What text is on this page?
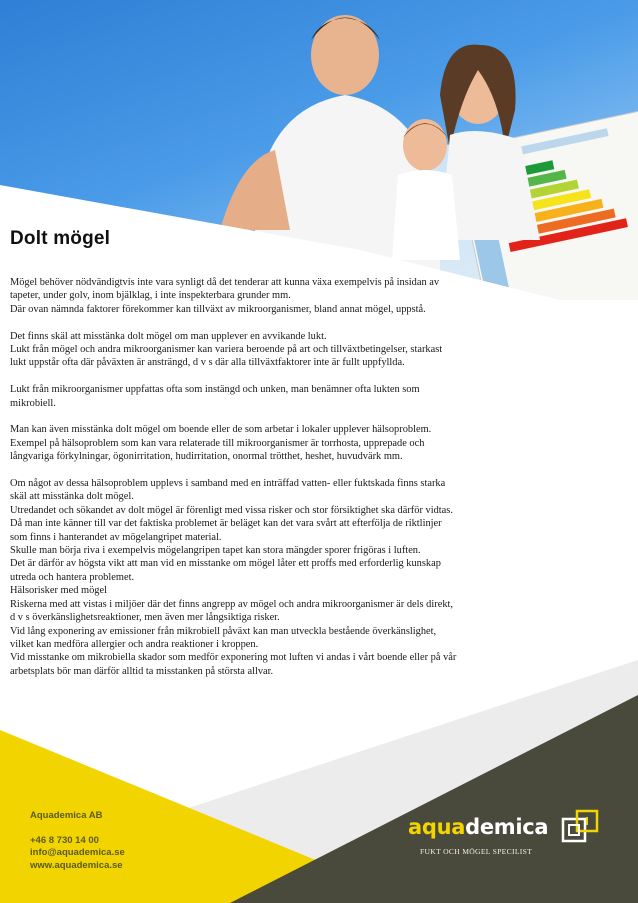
Dolt mögel

Mögel behöver nödvändigtvis inte vara synligt då det tenderar att kunna växa exempelvis på insidan av
tapeter, under golv, inom bjälklag, i inte inspekterbara grunder mm.
Där ovan nämnda faktorer förekommer kan tillväxt av mikroorganismer, bland annat mögel, uppstå.

Det finns skäl att misstänka dolt mögel om man upplever en avvikande lukt.
Lukt från mögel och andra mikroorganismer kan variera beroende på art och tillväxtbetingelser, starkast
lukt uppstår ofta där påväxten är ansträngd, d v s där alla tillväxtfaktorer inte är fullt uppfyllda.

Lukt från mikroorganismer uppfattas ofta som instängd och unken, man benämner ofta lukten som
mikrobiell.

Man kan även misstänka dolt mögel om boende eller de som arbetar i lokaler upplever hälsoproblem.
Exempel på hälsoproblem som kan vara relaterade till mikroorganismer är torrhosta, upprepade och
långvariga förkylningar, ögonirritation, hudirritation, onormal trötthet, heshet, huvudvärk mm.

Om något av dessa hälsoproblem upplevs i samband med en inträffad vatten- eller fuktskada finns starka
skäl att misstänka dolt mögel.
Utredandet och sökandet av dolt mögel är förenligt med vissa risker och stor försiktighet ska därför vidtas.
Då man inte känner till var det faktiska problemet är beläget kan det vara svårt att efterfölja de riktlinjer
som finns i hanterandet av mögelangripet material.
Skulle man börja riva i exempelvis mögelangripen tapet kan stora mängder sporer frigöras i luften.
Det är därför av högsta vikt att man vid en misstanke om mögel låter ett proffs med erforderlig kunskap
utreda och hantera problemet.
Hälsorisker med mögel
Riskerna med att vistas i miljöer där det finns angrepp av mögel och andra mikroorganismer är dels direkt,
d v s överkänslighetsreaktioner, men även mer långsiktiga risker.
Vid lång exponering av emissioner från mikrobiell påväxt kan man utveckla bestående överkänslighet,
vilket kan medföra allergier och andra reaktioner i kroppen.
Vid misstanke om mikrobiella skador som medför exponering mot luften vi andas i vårt boende eller på vår
arbetsplats bör man därför alltid ta misstanken på största allvar.

Aquademica AB
+46 8 730 14 00
info@aquademica.se
www.aquademica.se
aquademica
FUKT OCH MÖGEL SPECILIST
